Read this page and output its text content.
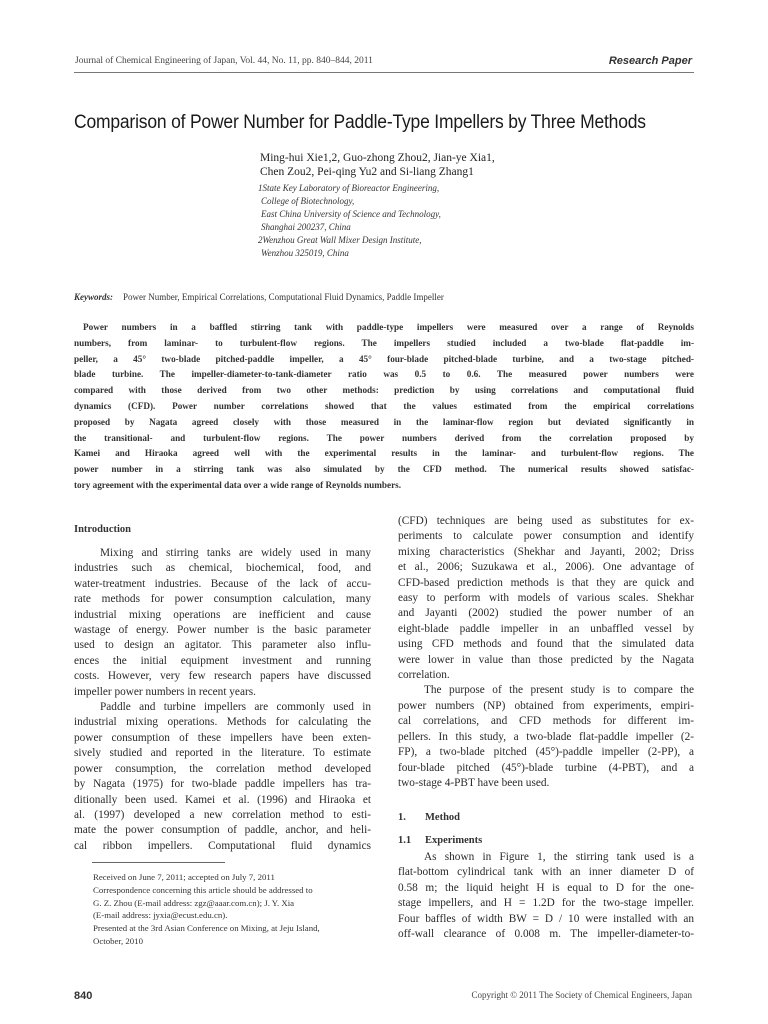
Journal of Chemical Engineering of Japan, Vol. 44, No. 11, pp. 840–844, 2011	Research Paper
Comparison of Power Number for Paddle-Type Impellers by Three Methods
Ming-hui Xie1,2, Guo-zhong Zhou2, Jian-ye Xia1,
Chen Zou2, Pei-qing Yu2 and Si-liang Zhang1
1State Key Laboratory of Bioreactor Engineering,
College of Biotechnology,
East China University of Science and Technology,
Shanghai 200237, China
2Wenzhou Great Wall Mixer Design Institute,
Wenzhou 325019, China
Keywords: Power Number, Empirical Correlations, Computational Fluid Dynamics, Paddle Impeller
Power numbers in a baffled stirring tank with paddle-type impellers were measured over a range of Reynolds
numbers, from laminar- to turbulent-flow regions. The impellers studied included a two-blade flat-paddle im-
peller, a 45° two-blade pitched-paddle impeller, a 45° four-blade pitched-blade turbine, and a two-stage pitched-
blade turbine. The impeller-diameter-to-tank-diameter ratio was 0.5 to 0.6. The measured power numbers were
compared with those derived from two other methods: prediction by using correlations and computational fluid
dynamics (CFD). Power number correlations showed that the values estimated from the empirical correlations
proposed by Nagata agreed closely with those measured in the laminar-flow region but deviated significantly in
the transitional- and turbulent-flow regions. The power numbers derived from the correlation proposed by
Kamei and Hiraoka agreed well with the experimental results in the laminar- and turbulent-flow regions. The
power number in a stirring tank was also simulated by the CFD method. The numerical results showed satisfac-
tory agreement with the experimental data over a wide range of Reynolds numbers.
Introduction
Mixing and stirring tanks are widely used in many
industries such as chemical, biochemical, food, and
water-treatment industries. Because of the lack of accu-
rate methods for power consumption calculation, many
industrial mixing operations are inefficient and cause
wastage of energy. Power number is the basic parameter
used to design an agitator. This parameter also influ-
ences the initial equipment investment and running
costs. However, very few research papers have discussed
impeller power numbers in recent years.
Paddle and turbine impellers are commonly used in
industrial mixing operations. Methods for calculating the
power consumption of these impellers have been exten-
sively studied and reported in the literature. To estimate
power consumption, the correlation method developed
by Nagata (1975) for two-blade paddle impellers has tra-
ditionally been used. Kamei et al. (1996) and Hiraoka et
al. (1997) developed a new correlation method to esti-
mate the power consumption of paddle, anchor, and heli-
cal ribbon impellers. Computational fluid dynamics
(CFD) techniques are being used as substitutes for ex-
periments to calculate power consumption and identify
mixing characteristics (Shekhar and Jayanti, 2002; Driss
et al., 2006; Suzukawa et al., 2006). One advantage of
CFD-based prediction methods is that they are quick and
easy to perform with models of various scales. Shekhar
and Jayanti (2002) studied the power number of an
eight-blade paddle impeller in an unbaffled vessel by
using CFD methods and found that the simulated data
were lower in value than those predicted by the Nagata
correlation.
The purpose of the present study is to compare the
power numbers (NP) obtained from experiments, empiri-
cal correlations, and CFD methods for different im-
pellers. In this study, a two-blade flat-paddle impeller (2-
FP), a two-blade pitched (45°)-paddle impeller (2-PP), a
four-blade pitched (45°)-blade turbine (4-PBT), and a
two-stage 4-PBT have been used.
1. Method
1.1 Experiments
As shown in Figure 1, the stirring tank used is a
flat-bottom cylindrical tank with an inner diameter D of
0.58 m; the liquid height H is equal to D for the one-
stage impellers, and H = 1.2D for the two-stage impeller.
Four baffles of width BW = D / 10 were installed with an
off-wall clearance of 0.008 m. The impeller-diameter-to-
Received on June 7, 2011; accepted on July 7, 2011
Correspondence concerning this article should be addressed to
G. Z. Zhou (E-mail address: zgz@aaar.com.cn); J. Y. Xia
(E-mail address: jyxia@ecust.edu.cn).
Presented at the 3rd Asian Conference on Mixing, at Jeju Island,
October, 2010
840	Copyright © 2011 The Society of Chemical Engineers, Japan
